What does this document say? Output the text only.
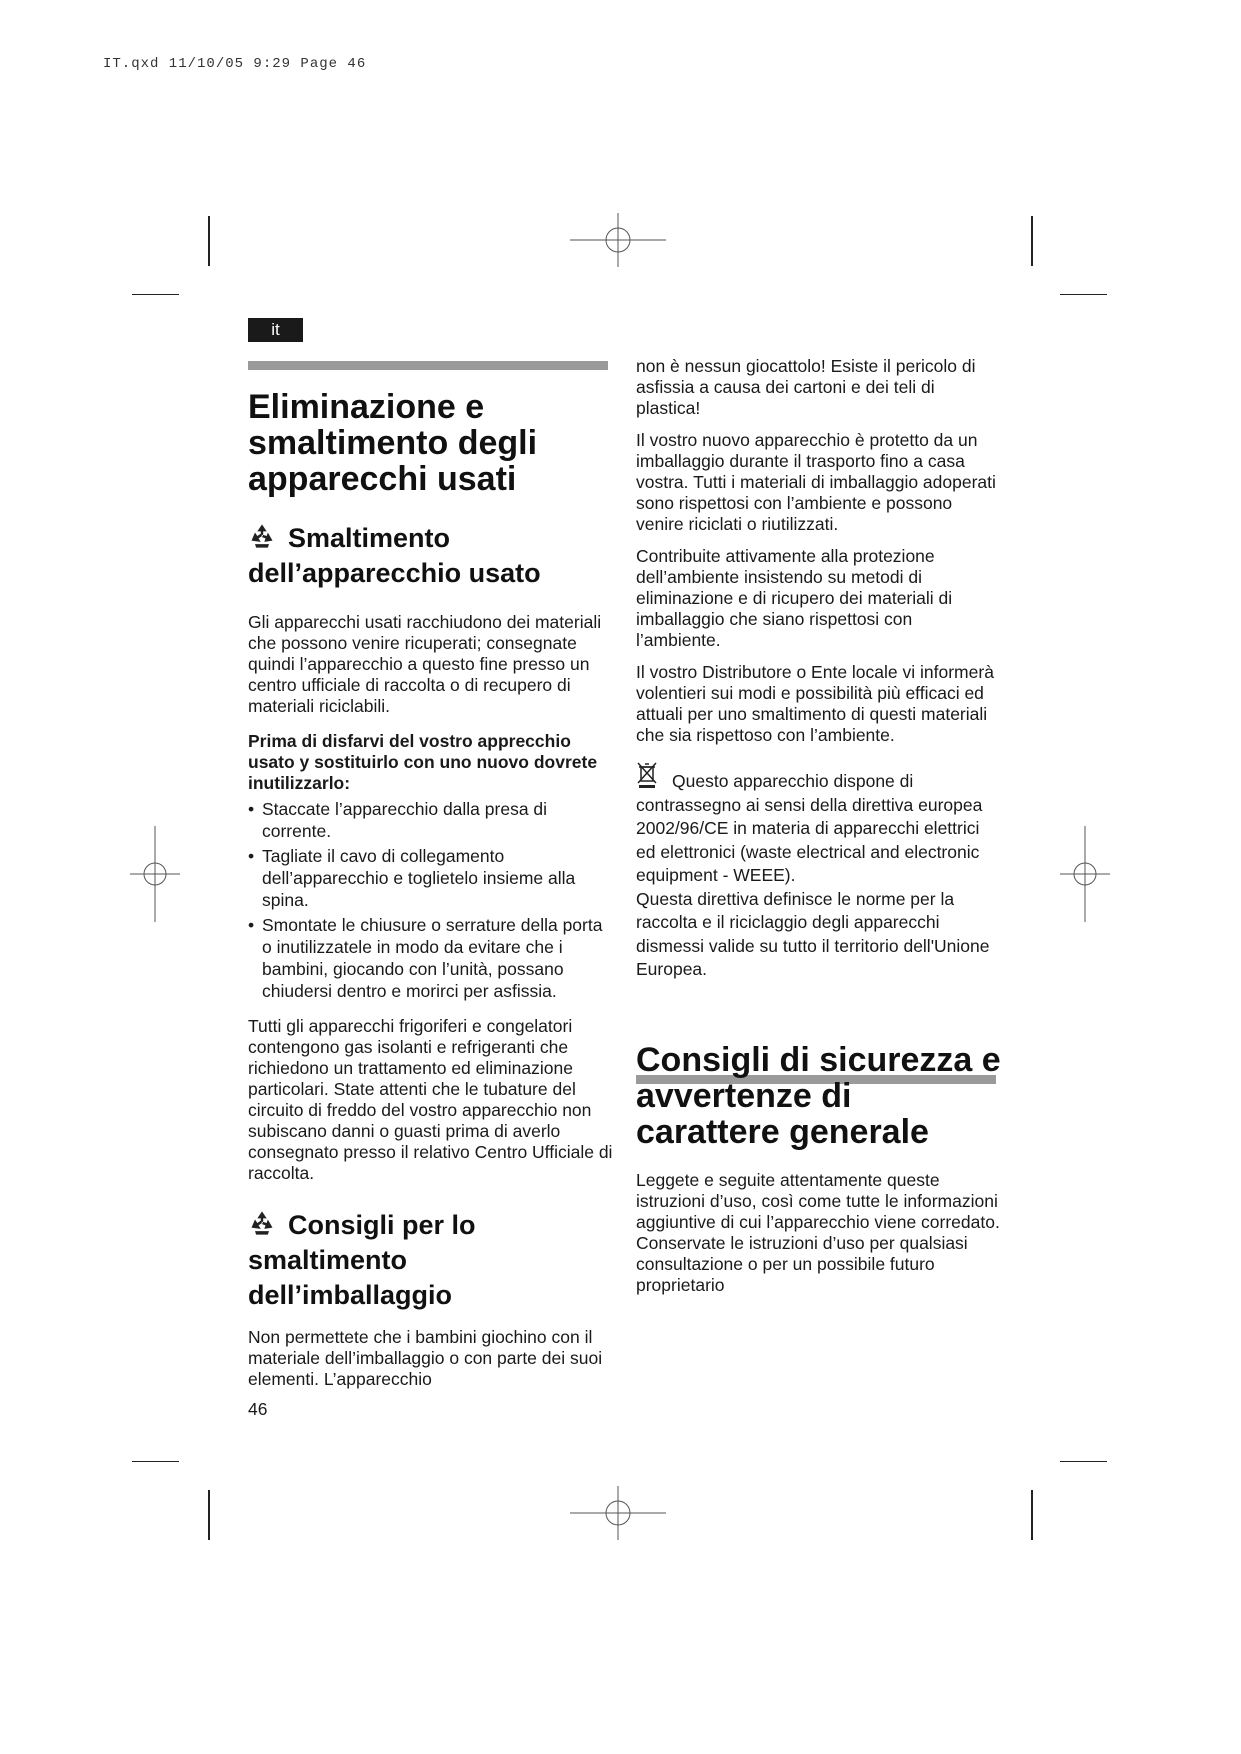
IT.qxd 11/10/05 9:29 Page 46
it
Eliminazione e smaltimento degli apparecchi usati
Smaltimento
dell’apparecchio usato

Gli apparecchi usati racchiudono dei materiali che possono venire ricuperati; consegnate quindi l’apparecchio a questo fine presso un centro ufficiale di raccolta o di recupero di materiali riciclabili.

Prima di disfarvi del vostro apprecchio usato y sostituirlo con uno nuovo dovrete inutilizzarlo:

• Staccate l’apparecchio dalla presa di corrente.
• Tagliate il cavo di collegamento dell’apparecchio e toglietelo insieme alla spina.
• Smontate le chiusure o serrature della porta o inutilizzatele in modo da evitare che i bambini, giocando con l’unità, possano chiudersi dentro e morirci per asfissia.

Tutti gli apparecchi frigoriferi e congelatori contengono gas isolanti e refrigeranti che richiedono un trattamento ed eliminazione particolari. State attenti che le tubature del circuito di freddo del vostro apparecchio non subiscano danni o guasti prima di averlo consegnato presso il relativo Centro Ufficiale di raccolta.

Consigli per lo
smaltimento dell’imballaggio

Non permettete che i bambini giochino con il materiale dell’imballaggio o con parte dei suoi elementi. L’apparecchio

46

non è nessun giocattolo! Esiste il pericolo di asfissia a causa dei cartoni e dei teli di plastica!

Il vostro nuovo apparecchio è protetto da un imballaggio durante il trasporto fino a casa vostra. Tutti i materiali di imballaggio adoperati sono rispettosi con l’ambiente e possono venire riciclati o riutilizzati.

Contribuite attivamente alla protezione dell’ambiente insistendo su metodi di eliminazione e di ricupero dei materiali di imballaggio che siano rispettosi con l’ambiente.

Il vostro Distributore o Ente locale vi informerà volentieri sui modi e possibilità più efficaci ed attuali per uno smaltimento di questi materiali che sia rispettoso con l’ambiente.

Questo apparecchio dispone di contrassegno ai sensi della direttiva europea 2002/96/CE in materia di apparecchi elettrici ed elettronici (waste electrical and electronic equipment - WEEE).

Questa direttiva definisce le norme per la raccolta e il riciclaggio degli apparecchi dismessi valide su tutto il territorio dell'Unione Europea.

Consigli di sicurezza e avvertenze di carattere generale

Leggete e seguite attentamente queste istruzioni d’uso, così come tutte le informazioni aggiuntive di cui l’apparecchio viene corredato.

Conservate le istruzioni d’uso per qualsiasi consultazione o per un possibile futuro proprietario
